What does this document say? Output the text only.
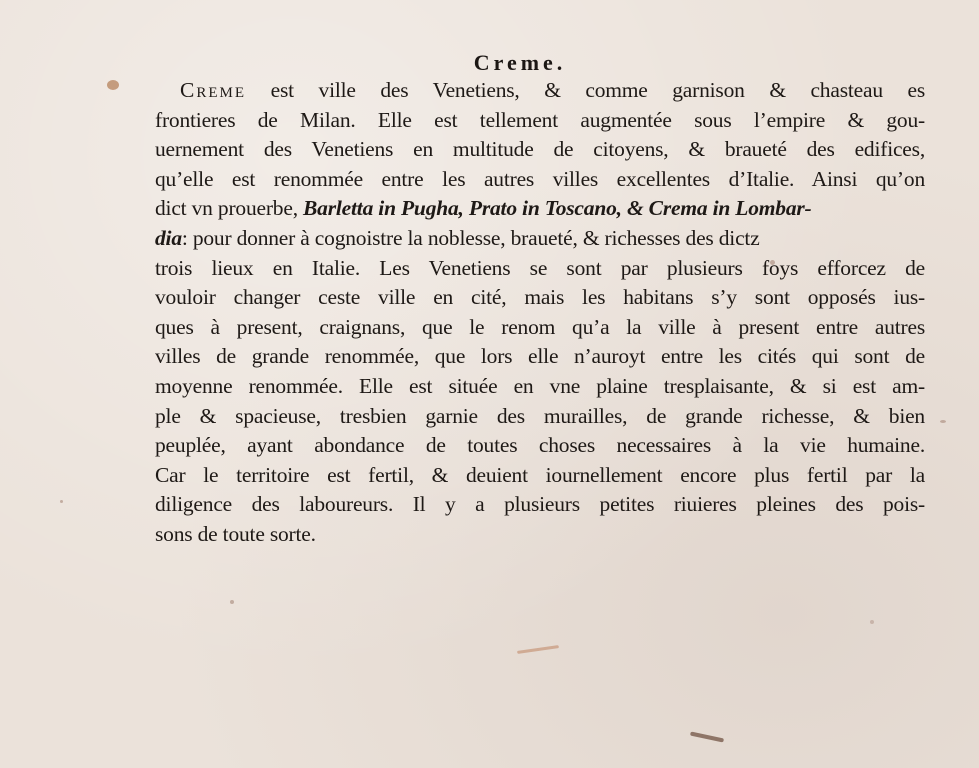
Creme.
Creme est ville des Venetiens, & comme garnison & chasteau es
frontieres de Milan. Elle est tellement augmentée sous l’empire & gou-
uernement des Venetiens en multitude de citoyens, & braueté des edifices,
qu’elle est renommée entre les autres villes excellentes d’Italie. Ainsi qu’on
dict vn prouerbe, Barletta in Pugha, Prato in Toscano, & Crema in Lombar-
dia: pour donner à cognoistre la noblesse, braueté, & richesses des dictz
trois lieux en Italie. Les Venetiens se sont par plusieurs foys efforcez de
vouloir changer ceste ville en cité, mais les habitans s’y sont opposés ius-
ques à present, craignans, que le renom qu’a la ville à present entre autres
villes de grande renommée, que lors elle n’auroyt entre les cités qui sont de
moyenne renommée. Elle est située en vne plaine tresplaisante, & si est am-
ple & spacieuse, tresbien garnie des murailles, de grande richesse, & bien
peuplée, ayant abondance de toutes choses necessaires à la vie humaine.
Car le territoire est fertil, & deuient iournellement encore plus fertil par la
diligence des laboureurs. Il y a plusieurs petites riuieres pleines des pois-
sons de toute sorte.
